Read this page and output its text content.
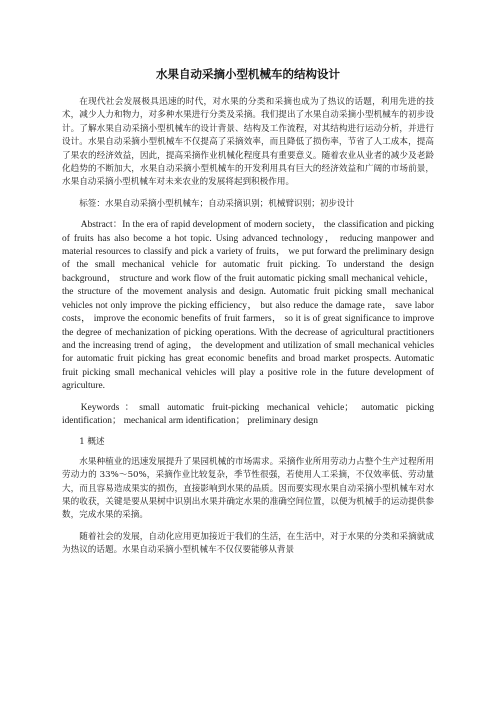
水果自动采摘小型机械车的结构设计

在现代社会发展极具迅速的时代，对水果的分类和采摘也成为了热议的话题，利用先进的技术，减少人力和物力，对多种水果进行分类及采摘。我们提出了水果自动采摘小型机械车的初步设计。了解水果自动采摘小型机械车的设计背景、结构及工作流程，对其结构进行运动分析，并进行设计。水果自动采摘小型机械车不仅提高了采摘效率，而且降低了损伤率，节省了人工成本，提高了果农的经济效益，因此，提高采摘作业机械化程度具有重要意义。随着农业从业者的减少及老龄化趋势的不断加大，水果自动采摘小型机械车的开发利用具有巨大的经济效益和广阔的市场前景，水果自动采摘小型机械车对未来农业的发展将起到积极作用。

标签：水果自动采摘小型机械车；自动采摘识别；机械臂识别；初步设计

Abstract：In the era of rapid development of modern society， the classification and picking of fruits has also become a hot topic. Using advanced technology， reducing manpower and material resources to classify and pick a variety of fruits， we put forward the preliminary design of the small mechanical vehicle for automatic fruit picking. To understand the design background， structure and work flow of the fruit automatic picking small mechanical vehicle， the structure of the movement analysis and design. Automatic fruit picking small mechanical vehicles not only improve the picking efficiency， but also reduce the damage rate， save labor costs， improve the economic benefits of fruit farmers， so it is of great significance to improve the degree of mechanization of picking operations. With the decrease of agricultural practitioners and the increasing trend of aging， the development and utilization of small mechanical vehicles for automatic fruit picking has great economic benefits and broad market prospects. Automatic fruit picking small mechanical vehicles will play a positive role in the future development of agriculture.

Keywords：small automatic fruit-picking mechanical vehicle； automatic picking identification； mechanical arm identification； preliminary design

1 概述

水果种植业的迅速发展提升了果园机械的市场需求。采摘作业所用劳动力占整个生产过程所用劳动力的 33%～50%，采摘作业比较复杂，季节性很强，若使用人工采摘，不仅效率低、劳动量大，而且容易造成果实的损伤，直接影响到水果的品质。因而要实现水果自动采摘小型机械车对水果的收获，关键是要从果树中识别出水果并确定水果的准确空间位置，以便为机械手的运动提供参数，完成水果的采摘。

随着社会的发展，自动化应用更加接近于我们的生活，在生活中，对于水果的分类和采摘就成为热议的话题。水果自动采摘小型机械车不仅仅要能够从背景
